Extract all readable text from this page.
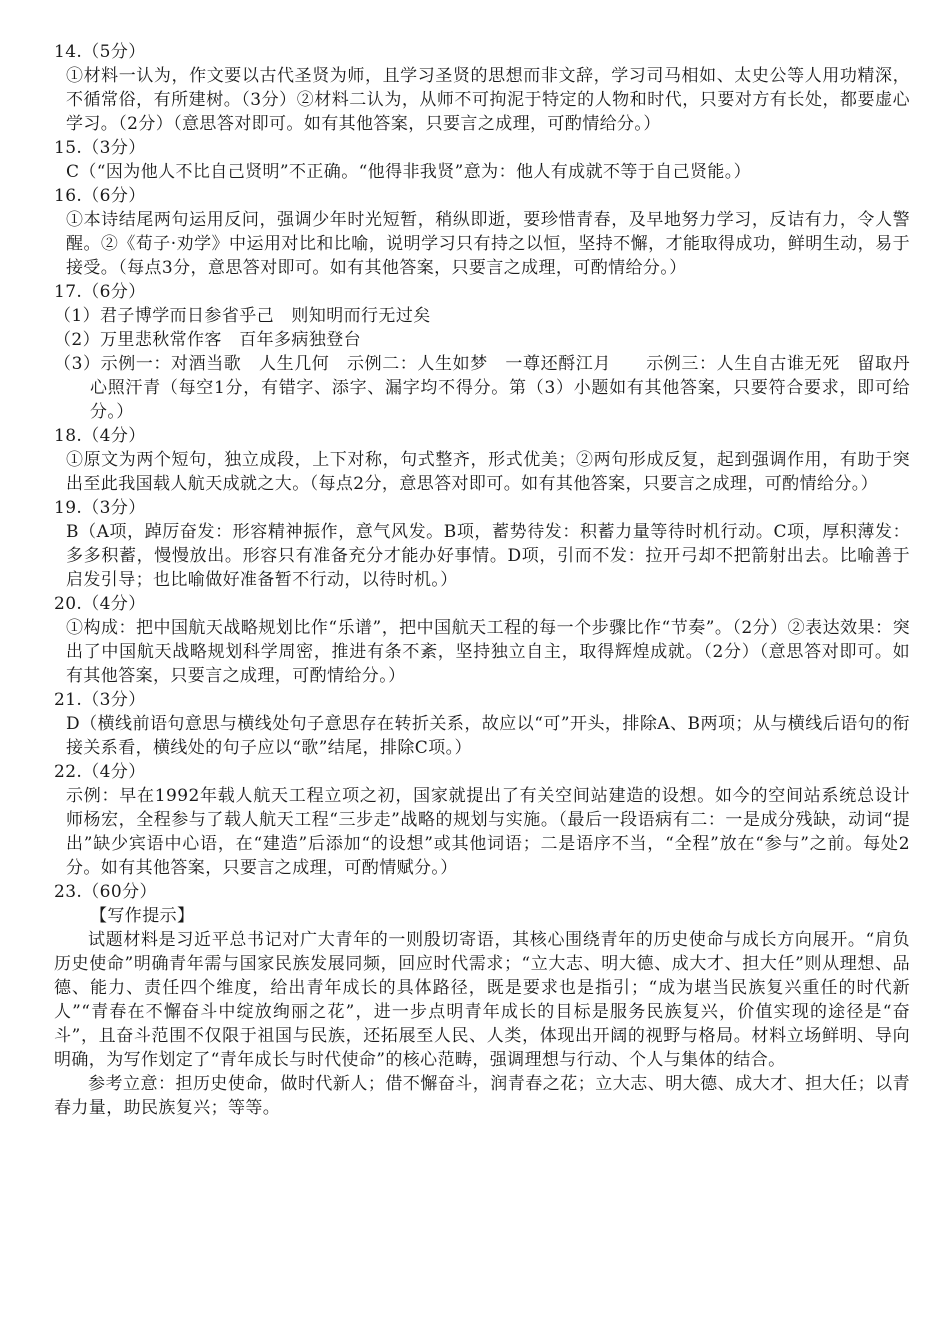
14.（5分）

①材料一认为，作文要以古代圣贤为师，且学习圣贤的思想而非文辞，学习司马相如、太史公等人用功精深，不循常俗，有所建树。（3分）②材料二认为，从师不可拘泥于特定的人物和时代，只要对方有长处，都要虚心学习。（2分）（意思答对即可。如有其他答案，只要言之成理，可酌情给分。）

15.（3分）

C（“因为他人不比自己贤明”不正确。“他得非我贤”意为：他人有成就不等于自己贤能。）

16.（6分）

①本诗结尾两句运用反问，强调少年时光短暂，稍纵即逝，要珍惜青春，及早地努力学习，反诘有力，令人警醒。②《荀子·劝学》中运用对比和比喻，说明学习只有持之以恒，坚持不懈，才能取得成功，鲜明生动，易于接受。（每点3分，意思答对即可。如有其他答案，只要言之成理，可酌情给分。）

17.（6分）

（1）君子博学而日参省乎己　则知明而行无过矣

（2）万里悲秋常作客　百年多病独登台

（3）示例一：对酒当歌　人生几何　示例二：人生如梦　一尊还酹江月　　示例三：人生自古谁无死　留取丹心照汗青（每空1分，有错字、添字、漏字均不得分。第（3）小题如有其他答案，只要符合要求，即可给分。）

18.（4分）

①原文为两个短句，独立成段，上下对称，句式整齐，形式优美；②两句形成反复，起到强调作用，有助于突出至此我国载人航天成就之大。（每点2分，意思答对即可。如有其他答案，只要言之成理，可酌情给分。）

19.（3分）

B（A项，踔厉奋发：形容精神振作，意气风发。B项，蓄势待发：积蓄力量等待时机行动。C项，厚积薄发：多多积蓄，慢慢放出。形容只有准备充分才能办好事情。D项，引而不发：拉开弓却不把箭射出去。比喻善于启发引导；也比喻做好准备暂不行动，以待时机。）

20.（4分）

①构成：把中国航天战略规划比作“乐谱”，把中国航天工程的每一个步骤比作“节奏”。（2分）②表达效果：突出了中国航天战略规划科学周密，推进有条不紊，坚持独立自主，取得辉煌成就。（2分）（意思答对即可。如有其他答案，只要言之成理，可酌情给分。）

21.（3分）

D（横线前语句意思与横线处句子意思存在转折关系，故应以“可”开头，排除A、B两项；从与横线后语句的衔接关系看，横线处的句子应以“歌”结尾，排除C项。）

22.（4分）

示例：早在1992年载人航天工程立项之初，国家就提出了有关空间站建造的设想。如今的空间站系统总设计师杨宏，全程参与了载人航天工程“三步走”战略的规划与实施。（最后一段语病有二：一是成分残缺，动词“提出”缺少宾语中心语，在“建造”后添加“的设想”或其他词语；二是语序不当，“全程”放在“参与”之前。每处2分。如有其他答案，只要言之成理，可酌情赋分。）

23.（60分）

【写作提示】

试题材料是习近平总书记对广大青年的一则殷切寄语，其核心围绕青年的历史使命与成长方向展开。“肩负历史使命”明确青年需与国家民族发展同频，回应时代需求；“立大志、明大德、成大才、担大任”则从理想、品德、能力、责任四个维度，给出青年成长的具体路径，既是要求也是指引；“成为堪当民族复兴重任的时代新人”“青春在不懈奋斗中绽放绚丽之花”，进一步点明青年成长的目标是服务民族复兴，价值实现的途径是“奋斗”，且奋斗范围不仅限于祖国与民族，还拓展至人民、人类，体现出开阔的视野与格局。材料立场鲜明、导向明确，为写作划定了“青年成长与时代使命”的核心范畴，强调理想与行动、个人与集体的结合。

参考立意：担历史使命，做时代新人；借不懈奋斗，润青春之花；立大志、明大德、成大才、担大任；以青春力量，助民族复兴；等等。
